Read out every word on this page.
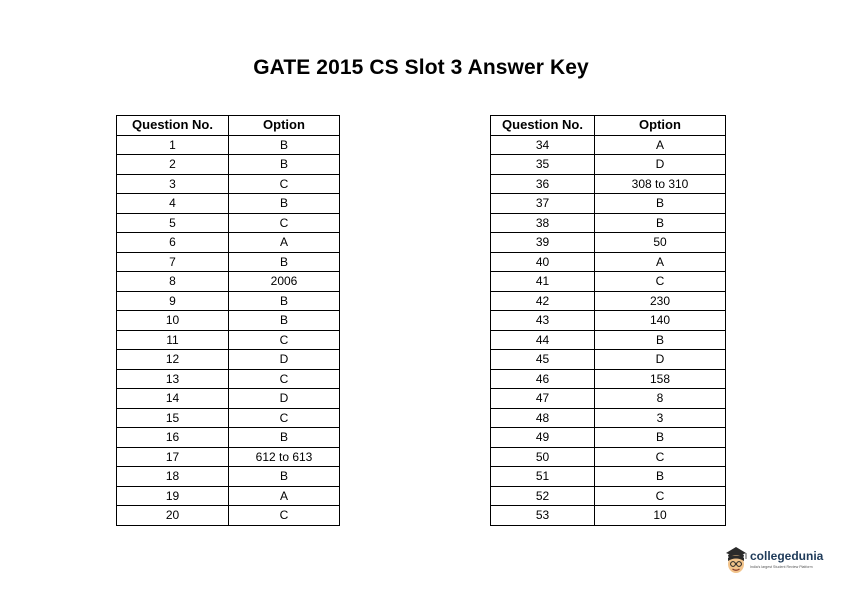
GATE 2015 CS Slot 3 Answer Key
Question No.	Option
1	B
2	B
3	C
4	B
5	C
6	A
7	B
8	2006
9	B
10	B
11	C
12	D
13	C
14	D
15	C
16	B
17	612 to 613
18	B
19	A
20	C
Question No.	Option
34	A
35	D
36	308 to 310
37	B
38	B
39	50
40	A
41	C
42	230
43	140
44	B
45	D
46	158
47	8
48	3
49	B
50	C
51	B
52	C
53	10
collegedunia
India's largest Student Review Platform
